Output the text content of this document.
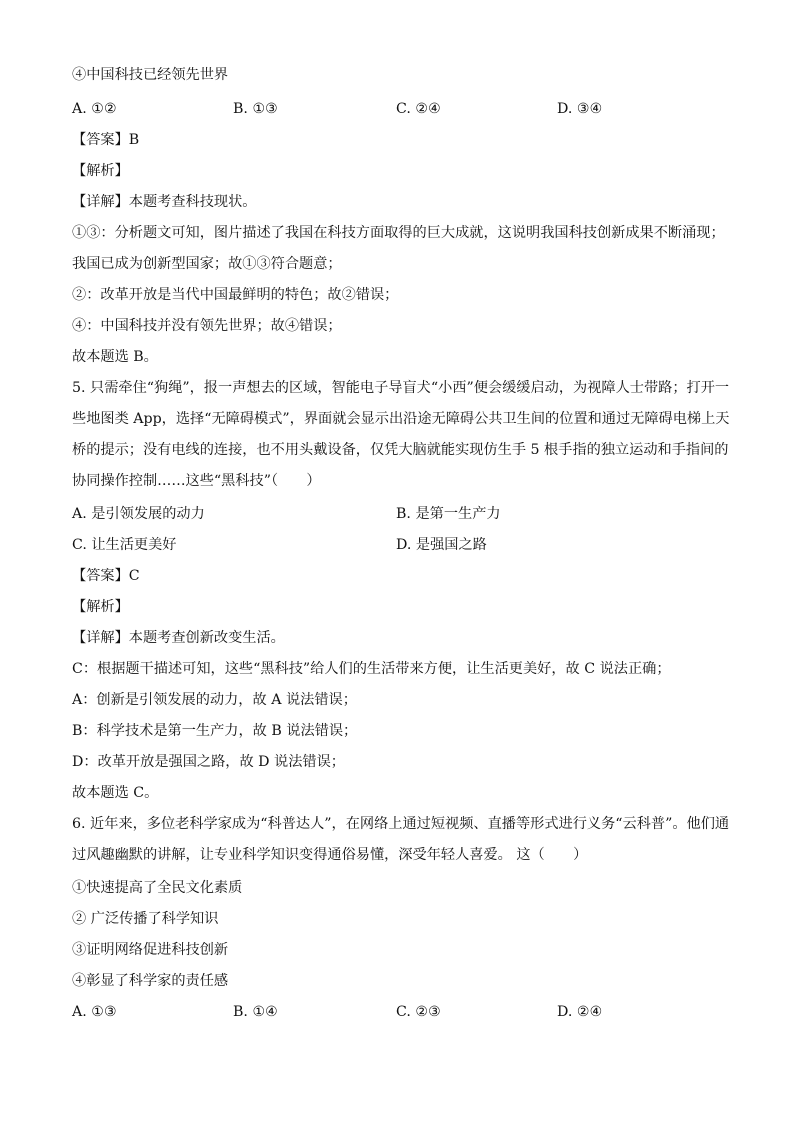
④中国科技已经领先世界
A. ①②	B. ①③	C. ②④	D. ③④
【答案】B
【解析】
【详解】本题考查科技现状。
①③：分析题文可知，图片描述了我国在科技方面取得的巨大成就，这说明我国科技创新成果不断涌现；
我国已成为创新型国家；故①③符合题意；
②：改革开放是当代中国最鲜明的特色；故②错误；
④：中国科技并没有领先世界；故④错误；
故本题选 B。
5. 只需牵住“狗绳”，报一声想去的区域，智能电子导盲犬“小西”便会缓缓启动，为视障人士带路；打开一
些地图类 App，选择“无障碍模式”，界面就会显示出沿途无障碍公共卫生间的位置和通过无障碍电梯上天
桥的提示；没有电线的连接，也不用头戴设备，仅凭大脑就能实现仿生手 5 根手指的独立运动和手指间的
协同操作控制……这些“黑科技”（　　）
A. 是引领发展的动力	B. 是第一生产力
C. 让生活更美好	D. 是强国之路
【答案】C
【解析】
【详解】本题考查创新改变生活。
C：根据题干描述可知，这些“黑科技”给人们的生活带来方便，让生活更美好，故 C 说法正确；
A：创新是引领发展的动力，故 A 说法错误；
B：科学技术是第一生产力，故 B 说法错误；
D：改革开放是强国之路，故 D 说法错误；
故本题选 C。
6. 近年来，多位老科学家成为“科普达人”，在网络上通过短视频、直播等形式进行义务“云科普”。他们通
过风趣幽默的讲解，让专业科学知识变得通俗易懂，深受年轻人喜爱。 这（　　）
①快速提高了全民文化素质
② 广泛传播了科学知识
③证明网络促进科技创新
④彰显了科学家的责任感
A. ①③	B. ①④	C. ②③	D. ②④
